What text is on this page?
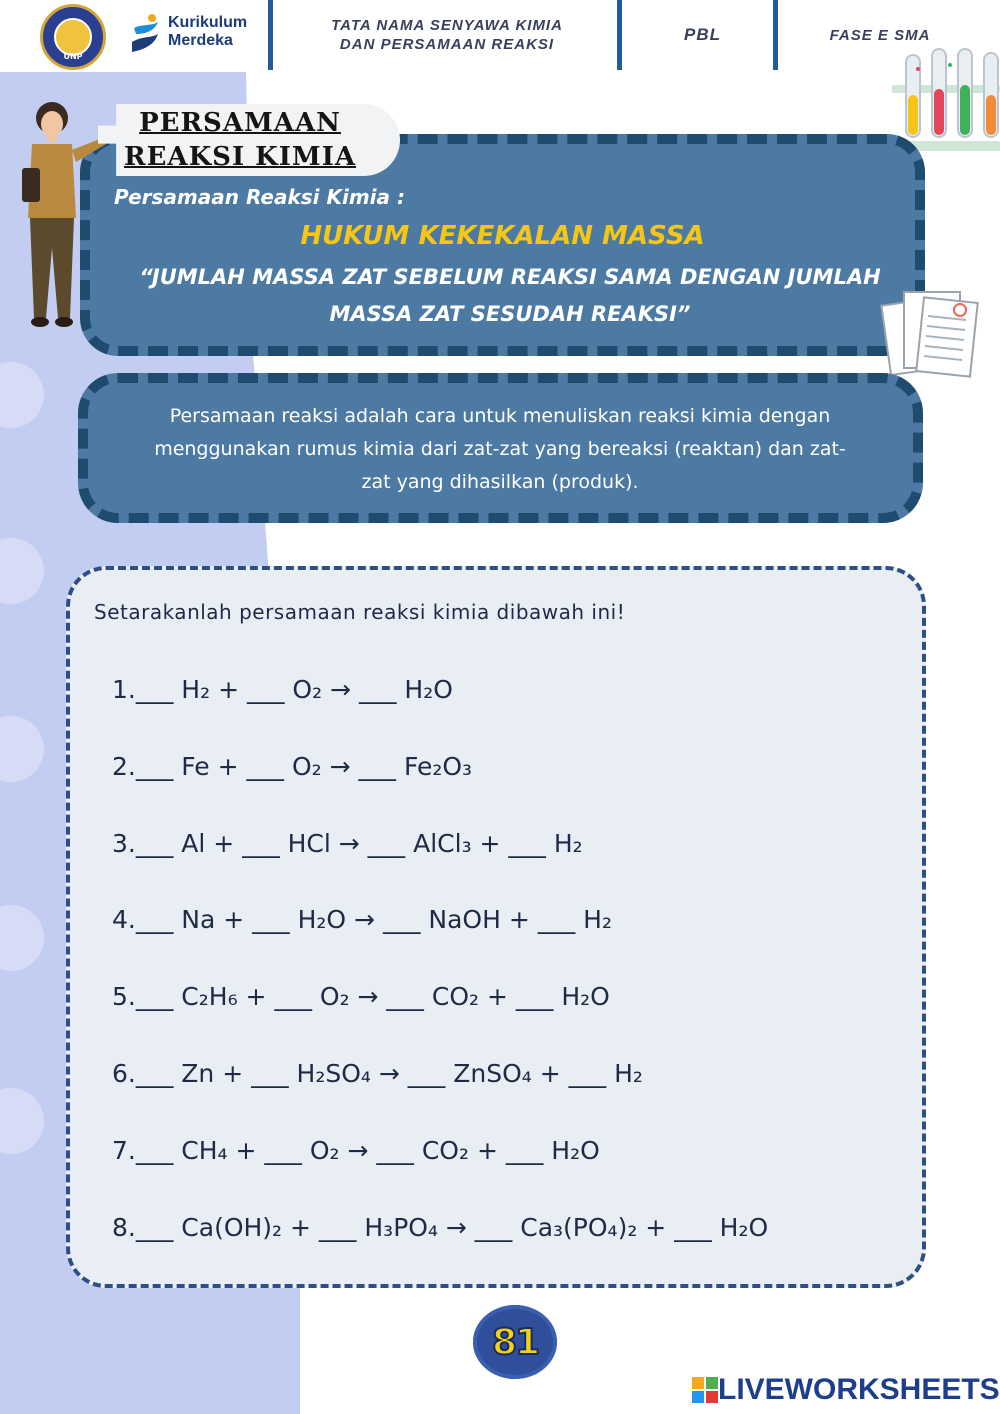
UNP
Kurikulum
Merdeka
TATA NAMA SENYAWA KIMIA
DAN PERSAMAAN REAKSI
PBL	FASE E SMA
PERSAMAAN
REAKSI KIMIA
Persamaan Reaksi Kimia :
HUKUM KEKEKALAN MASSA
“JUMLAH MASSA ZAT SEBELUM REAKSI SAMA DENGAN JUMLAH
MASSA ZAT SESUDAH REAKSI”
Persamaan reaksi adalah cara untuk menuliskan reaksi kimia dengan
menggunakan rumus kimia dari zat-zat yang bereaksi (reaktan) dan zat-
zat yang dihasilkan (produk).
Setarakanlah persamaan reaksi kimia dibawah ini!
1.___ H₂ + ___ O₂ → ___ H₂O
2.___ Fe + ___ O₂ → ___ Fe₂O₃
3.___ Al + ___ HCl → ___ AlCl₃ + ___ H₂
4.___ Na + ___ H₂O → ___ NaOH + ___ H₂
5.___ C₂H₆ + ___ O₂ → ___ CO₂ + ___ H₂O
6.___ Zn + ___ H₂SO₄ → ___ ZnSO₄ + ___ H₂
7.___ CH₄ + ___ O₂ → ___ CO₂ + ___ H₂O
8.___ Ca(OH)₂ + ___ H₃PO₄ → ___ Ca₃(PO₄)₂ + ___ H₂O
81
LIVEWORKSHEETS
